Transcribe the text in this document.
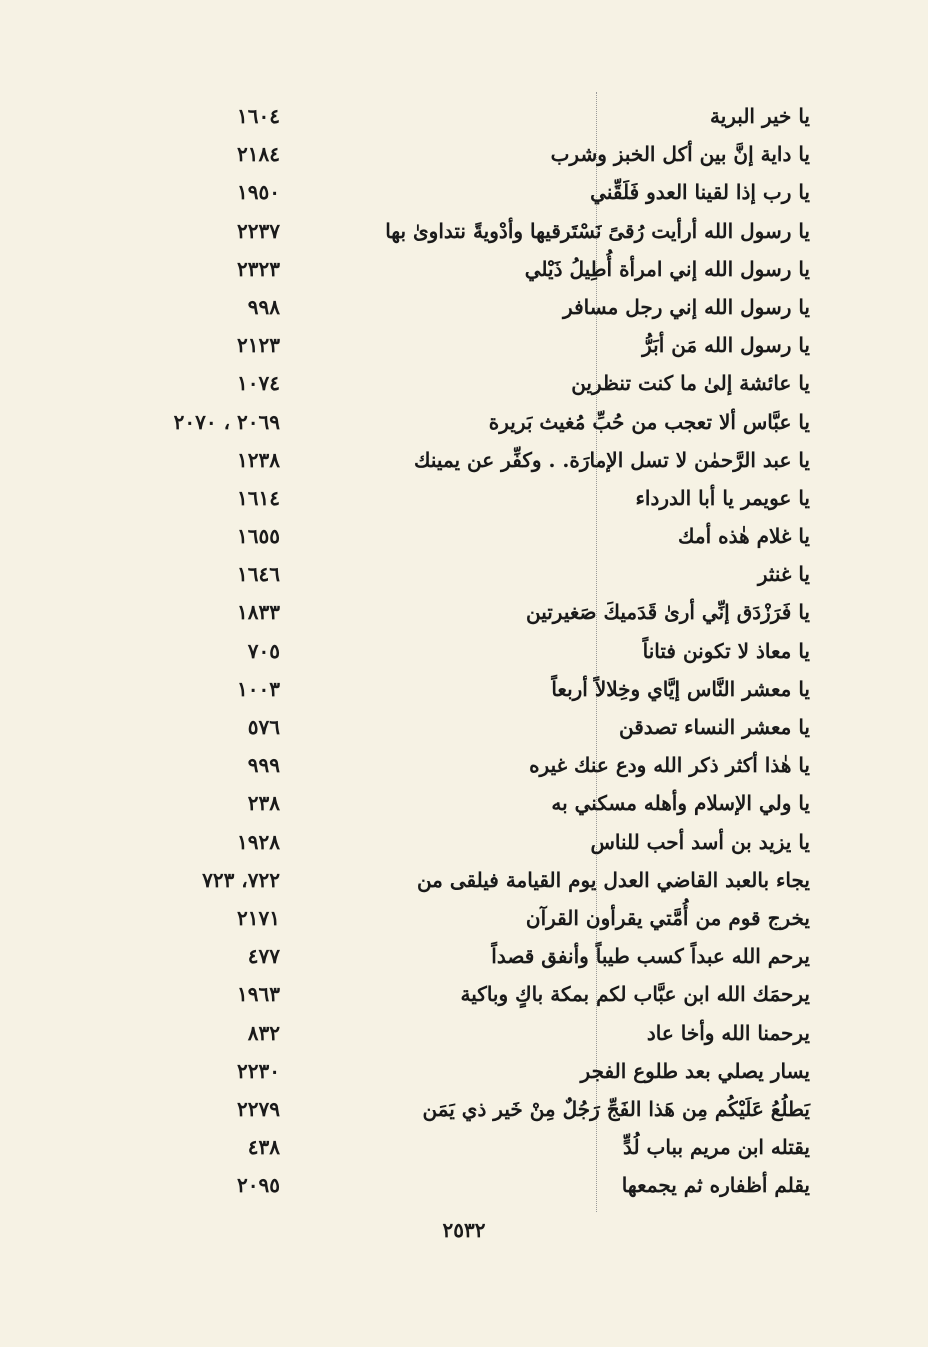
يا خير البرية
١٦٠٤
يا داية إنَّ بين أكل الخبز وشرب
٢١٨٤
يا رب إذا لقينا العدو فَلَقِّني
١٩٥٠
يا رسول الله أرأيت رُقىً نَسْتَرقيها وأدْويةً نتداوىٰ بها
٢٢٣٧
يا رسول الله إني امرأة أُطِيلُ ذَيْلي
٢٣٢٣
يا رسول الله إني رجل مسافر
٩٩٨
يا رسول الله مَن أبَرُّ
٢١٢٣
يا عائشة إلىٰ ما كنت تنظرين
١٠٧٤
يا عبَّاس ألا تعجب من حُبِّ مُغيث بَريرة
٢٠٦٩ ، ٢٠٧٠
يا عبد الرَّحمٰن لا تسل الإمارَة. . وكفِّر عن يمينك
١٢٣٨
يا عويمر يا أبا الدرداء
١٦١٤
يا غلام هٰذه أمك
١٦٥٥
يا غنثر
١٦٤٦
يا فَرَزْدَق إنِّي أرىٰ قَدَميكَ صَغيرتين
١٨٣٣
يا معاذ لا تكونن فتاناً
٧٠٥
يا معشر النَّاس إيَّاي وخِلالاً أربعاً
١٠٠٣
يا معشر النساء تصدقن
٥٧٦
يا هٰذا أكثر ذكر الله ودع عنك غيره
٩٩٩
يا ولي الإسلام وأهله مسكني به
٢٣٨
يا يزيد بن أسد أحب للناس
١٩٢٨
يجاء بالعبد القاضي العدل يوم القيامة فيلقى من
٧٢٢، ٧٢٣
يخرج قوم من أُمَّتي يقرأون القرآن
٢١٧١
يرحم الله عبداً كسب طيباً وأنفق قصداً
٤٧٧
يرحمَك الله ابن عبَّاب لكم بمكة باكٍ وباكية
١٩٦٣
يرحمنا الله وأخا عاد
٨٣٢
يسار يصلي بعد طلوع الفجر
٢٢٣٠
يَطلُعُ عَلَيْكُم مِن هَذا الفَجِّ رَجُلٌ مِنْ خَير ذي يَمَن
٢٢٧٩
يقتله ابن مريم بباب لُدٍّ
٤٣٨
يقلم أظفاره ثم يجمعها
٢٠٩٥
٢٥٣٢
